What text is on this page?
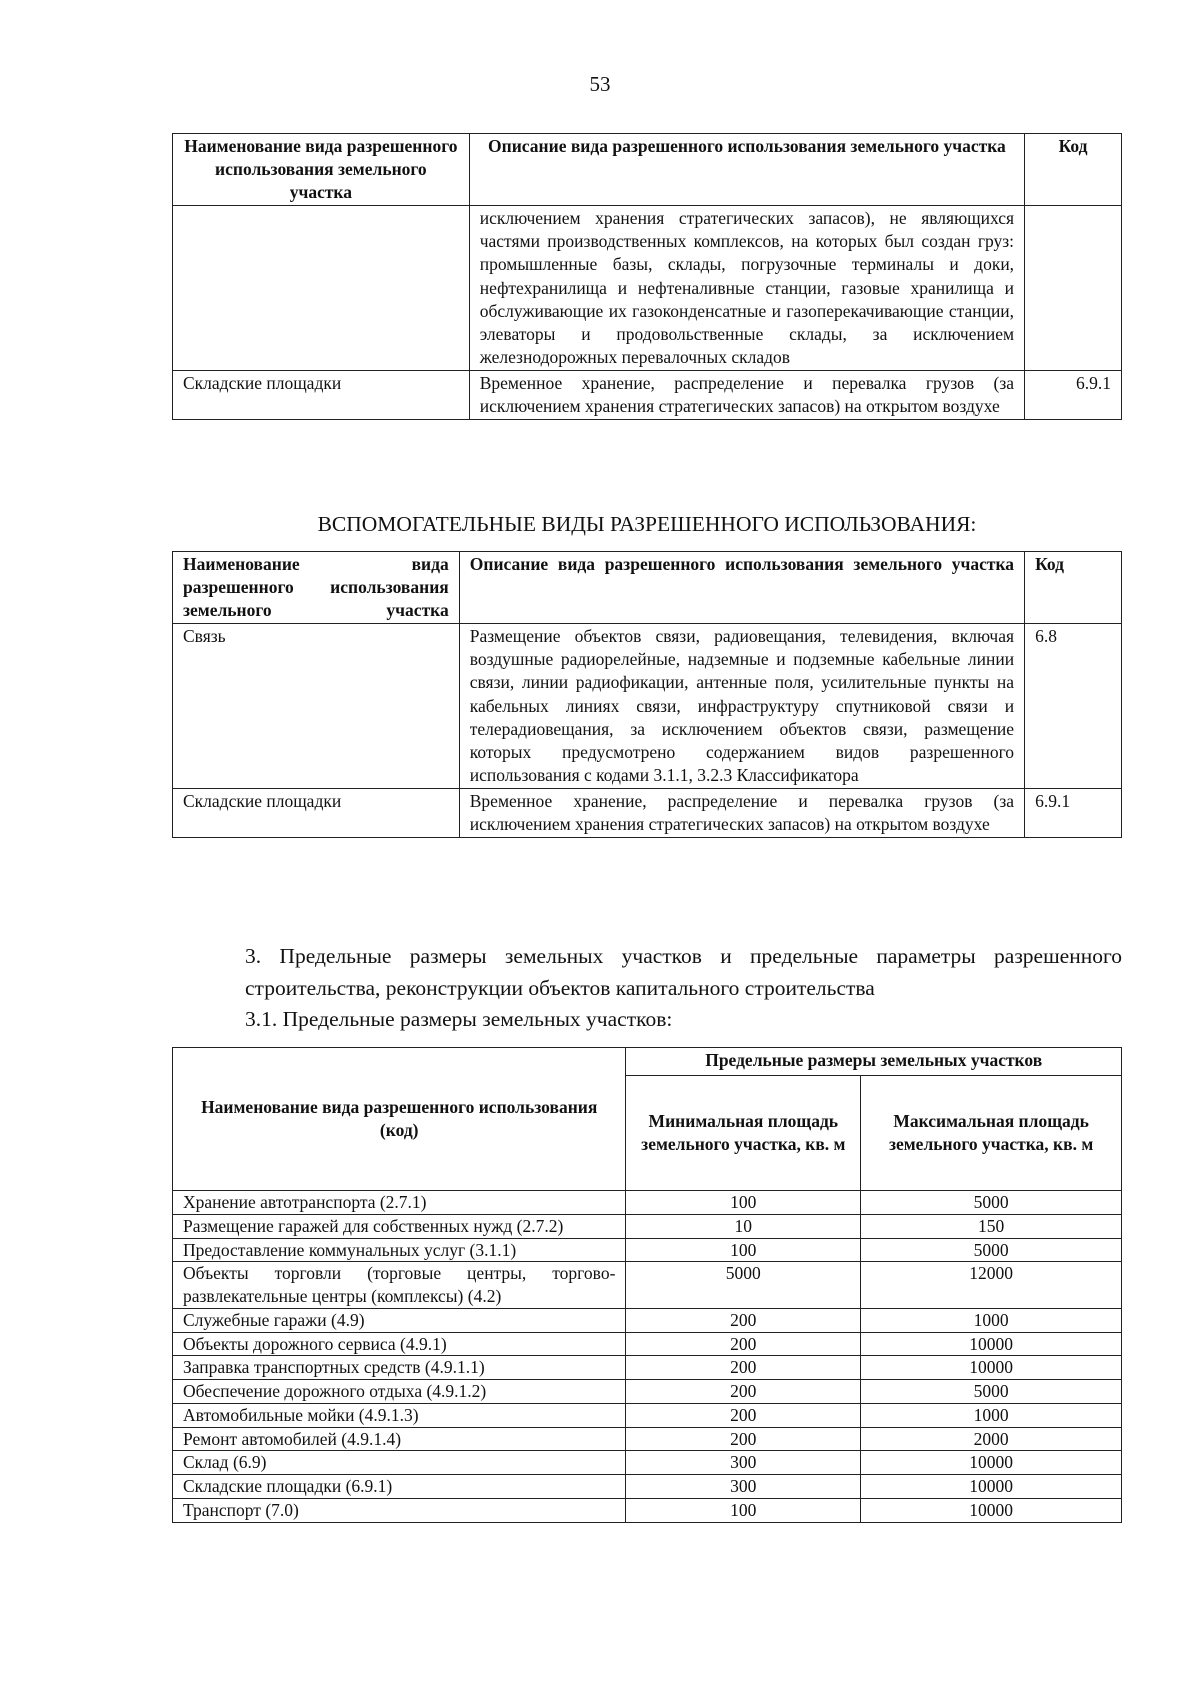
53
Наименование вида разрешенного использования земельного участка	Описание вида разрешенного использования земельного участка	Код
	исключением хранения стратегических запасов), не являющихся частями производственных комплексов, на которых был создан груз: промышленные базы, склады, погрузочные терминалы и доки, нефтехранилища и нефтеналивные станции, газовые хранилища и обслуживающие их газоконденсатные и газоперекачивающие станции, элеваторы и продовольственные склады, за исключением железнодорожных перевалочных складов	
Складские площадки	Временное хранение, распределение и перевалка грузов (за исключением хранения стратегических запасов) на открытом воздухе	6.9.1
ВСПОМОГАТЕЛЬНЫЕ ВИДЫ РАЗРЕШЕННОГО ИСПОЛЬЗОВАНИЯ:
Наименование вида разрешенного использования земельного участка	Описание вида разрешенного использования земельного участка	Код
Связь	Размещение объектов связи, радиовещания, телевидения, включая воздушные радиорелейные, надземные и подземные кабельные линии связи, линии радиофикации, антенные поля, усилительные пункты на кабельных линиях связи, инфраструктуру спутниковой связи и телерадиовещания, за исключением объектов связи, размещение которых предусмотрено содержанием видов разрешенного использования с кодами 3.1.1, 3.2.3 Классификатора	6.8
Складские площадки	Временное хранение, распределение и перевалка грузов (за исключением хранения стратегических запасов) на открытом воздухе	6.9.1
3. Предельные размеры земельных участков и предельные параметры разрешенного строительства, реконструкции объектов капитального строительства
3.1. Предельные размеры земельных участков:
Наименование вида разрешенного использования (код)	Предельные размеры земельных участков	
	Минимальная площадь земельного участка, кв. м	Максимальная площадь земельного участка, кв. м
Хранение автотранспорта (2.7.1)	100	5000
Размещение гаражей для собственных нужд (2.7.2)	10	150
Предоставление коммунальных услуг (3.1.1)	100	5000
Объекты торговли (торговые центры, торгово-развлекательные центры (комплексы) (4.2)	5000	12000
Служебные гаражи (4.9)	200	1000
Объекты дорожного сервиса (4.9.1)	200	10000
Заправка транспортных средств (4.9.1.1)	200	10000
Обеспечение дорожного отдыха (4.9.1.2)	200	5000
Автомобильные мойки (4.9.1.3)	200	1000
Ремонт автомобилей (4.9.1.4)	200	2000
Склад (6.9)	300	10000
Складские площадки (6.9.1)	300	10000
Транспорт (7.0)	100	10000
